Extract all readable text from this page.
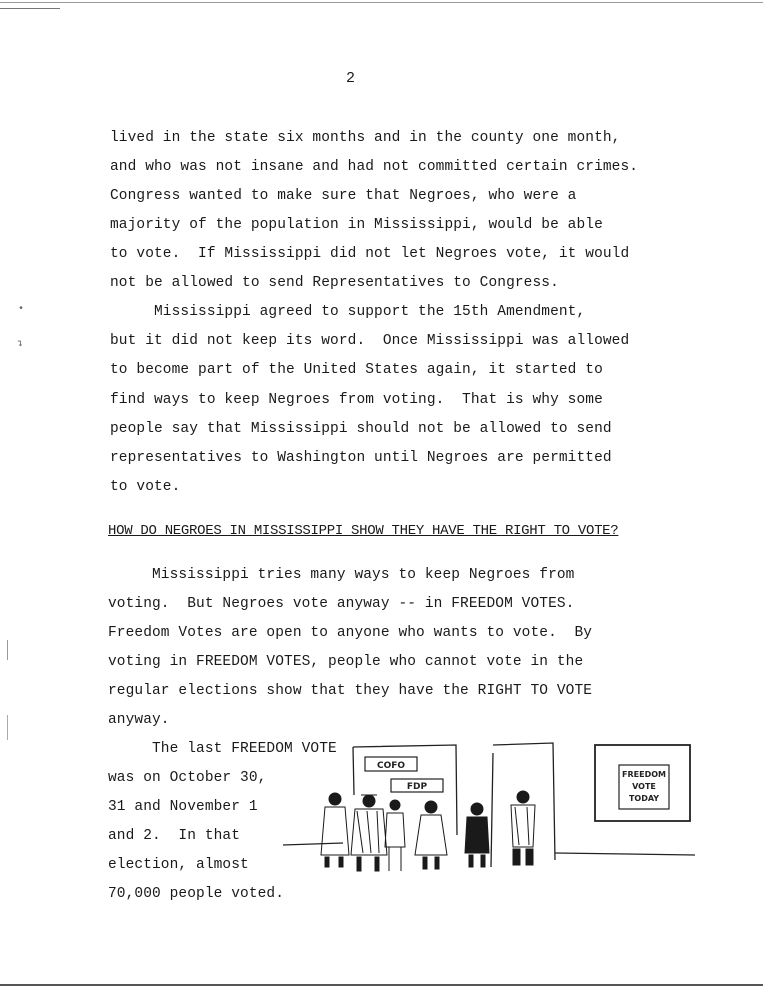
2
lived in the state six months and in the county one month,
and who was not insane and had not committed certain crimes.
Congress wanted to make sure that Negroes, who were a
majority of the population in Mississippi, would be able
to vote.  If Mississippi did not let Negroes vote, it would
not be allowed to send Representatives to Congress.
Mississippi agreed to support the 15th Amendment,
but it did not keep its word.  Once Mississippi was allowed
to become part of the United States again, it started to
find ways to keep Negroes from voting.  That is why some
people say that Mississippi should not be allowed to send
representatives to Washington until Negroes are permitted
to vote.
HOW DO NEGROES IN MISSISSIPPI SHOW THEY HAVE THE RIGHT TO VOTE?
Mississippi tries many ways to keep Negroes from
voting.  But Negroes vote anyway -- in FREEDOM VOTES.
Freedom Votes are open to anyone who wants to vote.  By
voting in FREEDOM VOTES, people who cannot vote in the
regular elections show that they have the RIGHT TO VOTE
anyway.
The last FREEDOM VOTE
was on October 30,
31 and November 1
and 2.  In that
election, almost
70,000 people voted.
•
↴
COFO
FDP
FREEDOM
VOTE
TODAY
